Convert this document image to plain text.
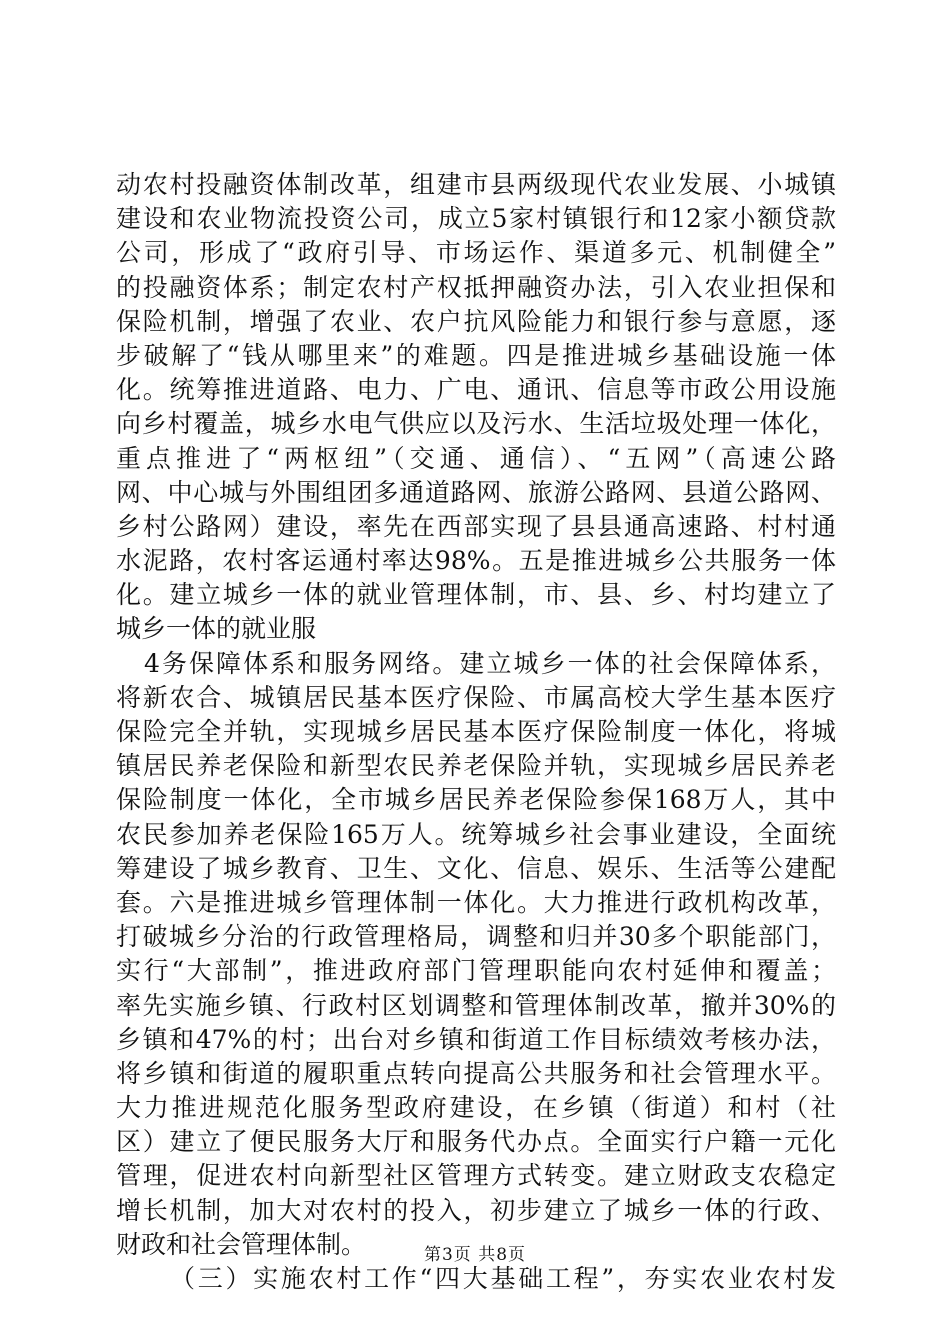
动农村投融资体制改革，组建市县两级现代农业发展、小城镇
建设和农业物流投资公司，成立5家村镇银行和12家小额贷款
公司，形成了“政府引导、市场运作、渠道多元、机制健全”
的投融资体系；制定农村产权抵押融资办法，引入农业担保和
保险机制，增强了农业、农户抗风险能力和银行参与意愿，逐
步破解了“钱从哪里来”的难题。四是推进城乡基础设施一体
化。统筹推进道路、电力、广电、通讯、信息等市政公用设施
向乡村覆盖，城乡水电气供应以及污水、生活垃圾处理一体化，
重点推进了“两枢纽”（交通、通信）、“五网”（高速公路
网、中心城与外围组团多通道路网、旅游公路网、县道公路网、
乡村公路网）建设，率先在西部实现了县县通高速路、村村通
水泥路，农村客运通村率达98%。五是推进城乡公共服务一体
化。建立城乡一体的就业管理体制，市、县、乡、村均建立了
城乡一体的就业服
4务保障体系和服务网络。建立城乡一体的社会保障体系，
将新农合、城镇居民基本医疗保险、市属高校大学生基本医疗
保险完全并轨，实现城乡居民基本医疗保险制度一体化，将城
镇居民养老保险和新型农民养老保险并轨，实现城乡居民养老
保险制度一体化，全市城乡居民养老保险参保168万人，其中
农民参加养老保险165万人。统筹城乡社会事业建设，全面统
筹建设了城乡教育、卫生、文化、信息、娱乐、生活等公建配
套。六是推进城乡管理体制一体化。大力推进行政机构改革，
打破城乡分治的行政管理格局，调整和归并30多个职能部门，
实行“大部制”，推进政府部门管理职能向农村延伸和覆盖；
率先实施乡镇、行政村区划调整和管理体制改革，撤并30%的
乡镇和47%的村；出台对乡镇和街道工作目标绩效考核办法，
将乡镇和街道的履职重点转向提高公共服务和社会管理水平。
大力推进规范化服务型政府建设，在乡镇（街道）和村（社
区）建立了便民服务大厅和服务代办点。全面实行户籍一元化
管理，促进农村向新型社区管理方式转变。建立财政支农稳定
增长机制，加大对农村的投入，初步建立了城乡一体的行政、
财政和社会管理体制。
（三）实施农村工作“四大基础工程”，夯实农业农村发
第3页 共8页
